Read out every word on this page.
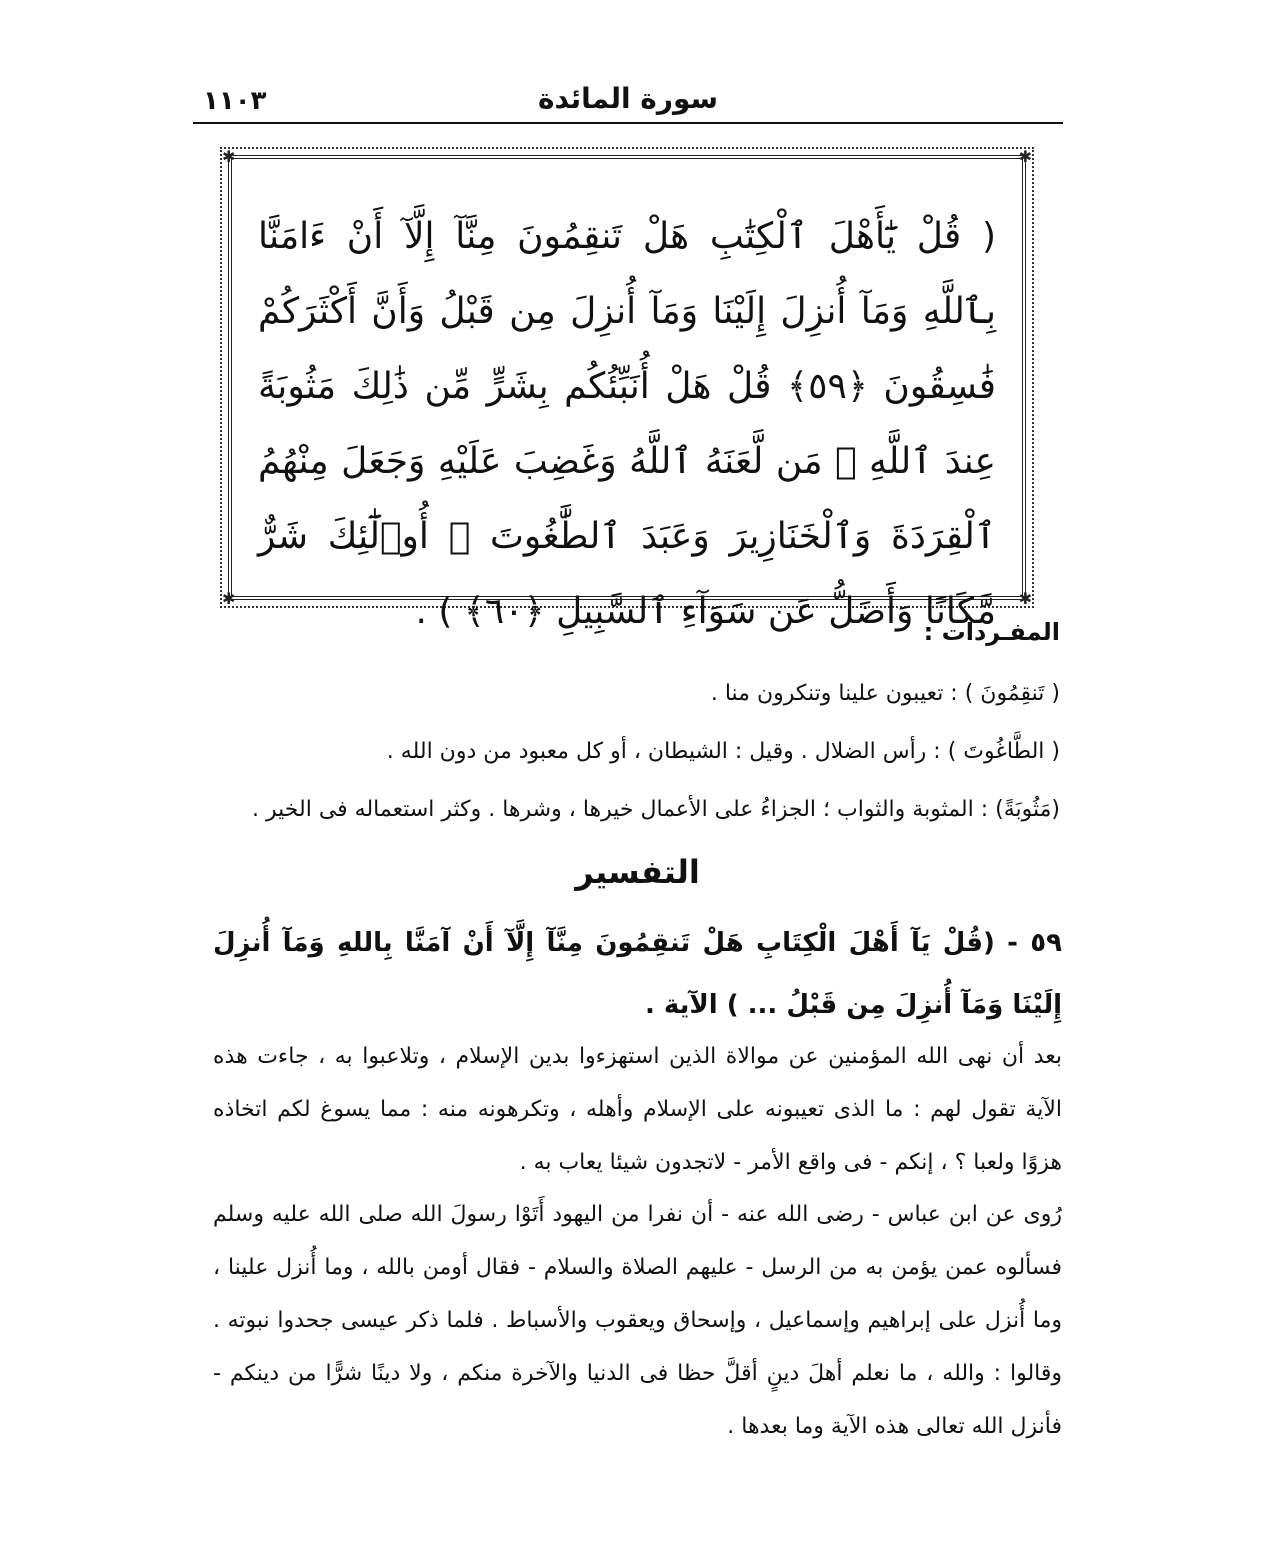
١١٠٣	سورة المائدة
✱	✱
✱	✱
( قُلْ يَٰٓأَهْلَ ٱلْكِتَٰبِ هَلْ تَنقِمُونَ مِنَّآ إِلَّآ أَنْ ءَامَنَّا بِٱللَّهِ وَمَآ أُنزِلَ إِلَيْنَا وَمَآ أُنزِلَ مِن قَبْلُ وَأَنَّ أَكْثَرَكُمْ فَٰسِقُونَ ﴿٥٩﴾ قُلْ هَلْ أُنَبِّئُكُم بِشَرٍّ مِّن ذَٰلِكَ مَثُوبَةً عِندَ ٱللَّهِ ۚ مَن لَّعَنَهُ ٱللَّهُ وَغَضِبَ عَلَيْهِ وَجَعَلَ مِنْهُمُ ٱلْقِرَدَةَ وَٱلْخَنَازِيرَ وَعَبَدَ ٱلطَّٰغُوتَ ۚ أُو۟لَٰٓئِكَ شَرٌّ مَّكَانًا وَأَضَلُّ عَن سَوَآءِ ٱلسَّبِيلِ ﴿٦٠﴾ ) .
المفـردات :
( تَنقِمُونَ ) : تعيبون علينا وتنكرون منا .
( الطَّاغُوتَ ) : رأس الضلال . وقيل : الشيطان ، أو كل معبود من دون الله .
(مَثُوبَةً) : المثوبة والثواب ؛ الجزاءُ على الأعمال خيرها ، وشرها . وكثر استعماله فى الخير .
التفسير
٥٩ - (قُلْ يَآ أَهْلَ الْكِتَابِ هَلْ تَنقِمُونَ مِنَّآ إِلَّآ أَنْ آمَنَّا بِاللهِ وَمَآ أُنزِلَ إِلَيْنَا وَمَآ أُنزِلَ مِن قَبْلُ ... ) الآية .
بعد أن نهى الله المؤمنين عن موالاة الذين استهزءوا بدين الإسلام ، وتلاعبوا به ، جاءت هذه الآية تقول لهم : ما الذى تعيبونه على الإسلام وأهله ، وتكرهونه منه : مما يسوغ لكم اتخاذه هزوًا ولعبا ؟ ، إنكم - فى واقع الأمر - لاتجدون شيئا يعاب به .
رُوى عن ابن عباس - رضى الله عنه - أن نفرا من اليهود أَتَوْا رسولَ الله صلى الله عليه وسلم فسألوه عمن يؤمن به من الرسل - عليهم الصلاة والسلام - فقال أومن بالله ، وما أُنزل علينا ، وما أُنزل على إبراهيم وإسماعيل ، وإسحاق ويعقوب والأسباط . فلما ذكر عيسى جحدوا نبوته . وقالوا : والله ، ما نعلم أهلَ دينٍ أقلَّ حظا فى الدنيا والآخرة منكم ، ولا دينًا شرًّا من دينكم - فأنزل الله تعالى هذه الآية وما بعدها .
